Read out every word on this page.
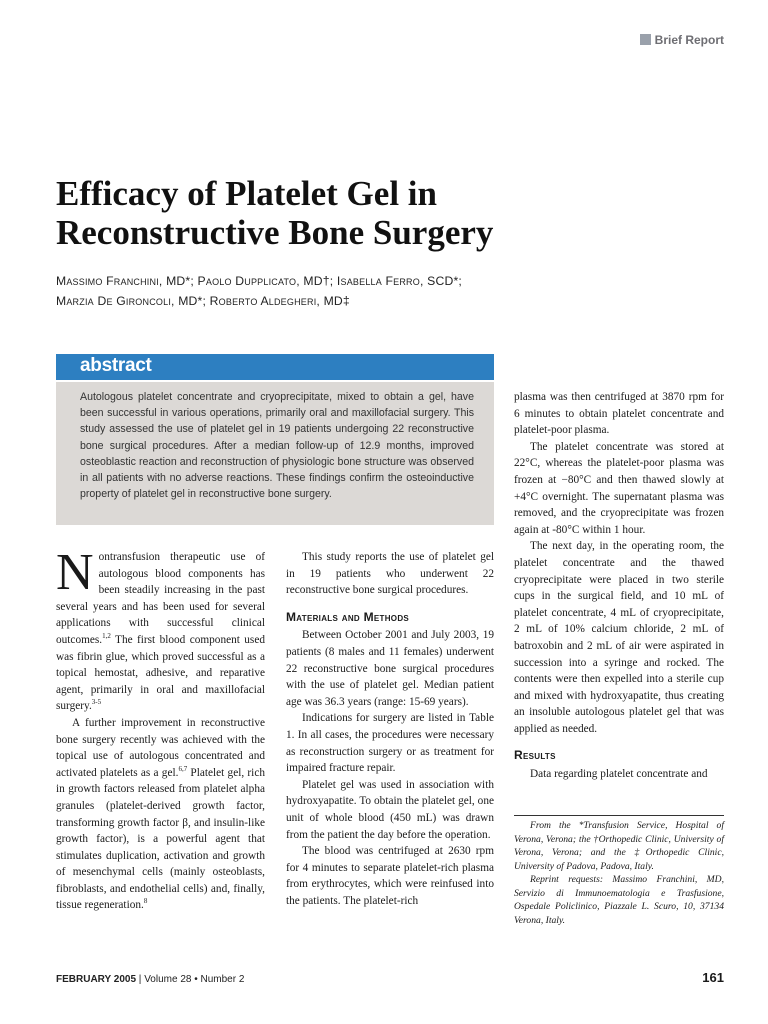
Brief Report
Efficacy of Platelet Gel in Reconstructive Bone Surgery
Massimo Franchini, MD*; Paolo Dupplicato, MD†; Isabella Ferro, SCD*;
Marzia De Gironcoli, MD*; Roberto Aldegheri, MD‡
abstract

Autologous platelet concentrate and cryoprecipitate, mixed to obtain a gel, have been successful in various operations, primarily oral and maxillofacial surgery. This study assessed the use of platelet gel in 19 patients undergoing 22 reconstructive bone surgical procedures. After a median follow-up of 12.9 months, improved osteoblastic reaction and reconstruction of physiologic bone structure was observed in all patients with no adverse reactions. These findings confirm the osteoinductive property of platelet gel in reconstructive bone surgery.

Nontransfusion therapeutic use of autologous blood components has been steadily increasing in the past several years and has been used for several applications with successful clinical outcomes.$^{1,2}$ The first blood component used was fibrin glue, which proved successful as a topical hemostat, adhesive, and reparative agent, primarily in oral and maxillofacial surgery.$^{3-5}$

A further improvement in reconstructive bone surgery recently was achieved with the topical use of autologous concentrated and activated platelets as a gel.$^{6,7}$ Platelet gel, rich in growth factors released from platelet alpha granules (platelet-derived growth factor, transforming growth factor β, and insulin-like growth factor), is a powerful agent that stimulates duplication, activation and growth of mesenchymal cells (mainly osteoblasts, fibroblasts, and endothelial cells) and, finally, tissue regeneration.$^8$

This study reports the use of platelet gel in 19 patients who underwent 22 reconstructive bone surgical procedures.

Materials and Methods

Between October 2001 and July 2003, 19 patients (8 males and 11 females) underwent 22 reconstructive bone surgical procedures with the use of platelet gel. Median patient age was 36.3 years (range: 15-69 years).

Indications for surgery are listed in Table 1. In all cases, the procedures were necessary as reconstruction surgery or as treatment for impaired fracture repair.

Platelet gel was used in association with hydroxyapatite. To obtain the platelet gel, one unit of whole blood (450 mL) was drawn from the patient the day before the operation.

The blood was centrifuged at 2630 rpm for 4 minutes to separate platelet-rich plasma from erythrocytes, which were reinfused into the patients. The platelet-rich

plasma was then centrifuged at 3870 rpm for 6 minutes to obtain platelet concentrate and platelet-poor plasma.

The platelet concentrate was stored at 22°C, whereas the platelet-poor plasma was frozen at −80°C and then thawed slowly at +4°C overnight. The supernatant plasma was removed, and the cryoprecipitate was frozen again at -80°C within 1 hour.

The next day, in the operating room, the platelet concentrate and the thawed cryoprecipitate were placed in two sterile cups in the surgical field, and 10 mL of platelet concentrate, 4 mL of cryoprecipitate, 2 mL of 10% calcium chloride, 2 mL of batroxobin and 2 mL of air were aspirated in succession into a syringe and rocked. The contents were then expelled into a sterile cup and mixed with hydroxyapatite, thus creating an insoluble autologous platelet gel that was applied as needed.

Results

Data regarding platelet concentrate and

From the *Transfusion Service, Hospital of Verona, Verona; the †Orthopedic Clinic, University of Verona, Verona; and the ‡Orthopedic Clinic, University of Padova, Padova, Italy.

Reprint requests: Massimo Franchini, MD, Servizio di Immunoematologia e Trasfusione, Ospedale Policlinico, Piazzale L. Scuro, 10, 37134 Verona, Italy.

FEBRUARY 2005 | Volume 28 • Number 2	161
